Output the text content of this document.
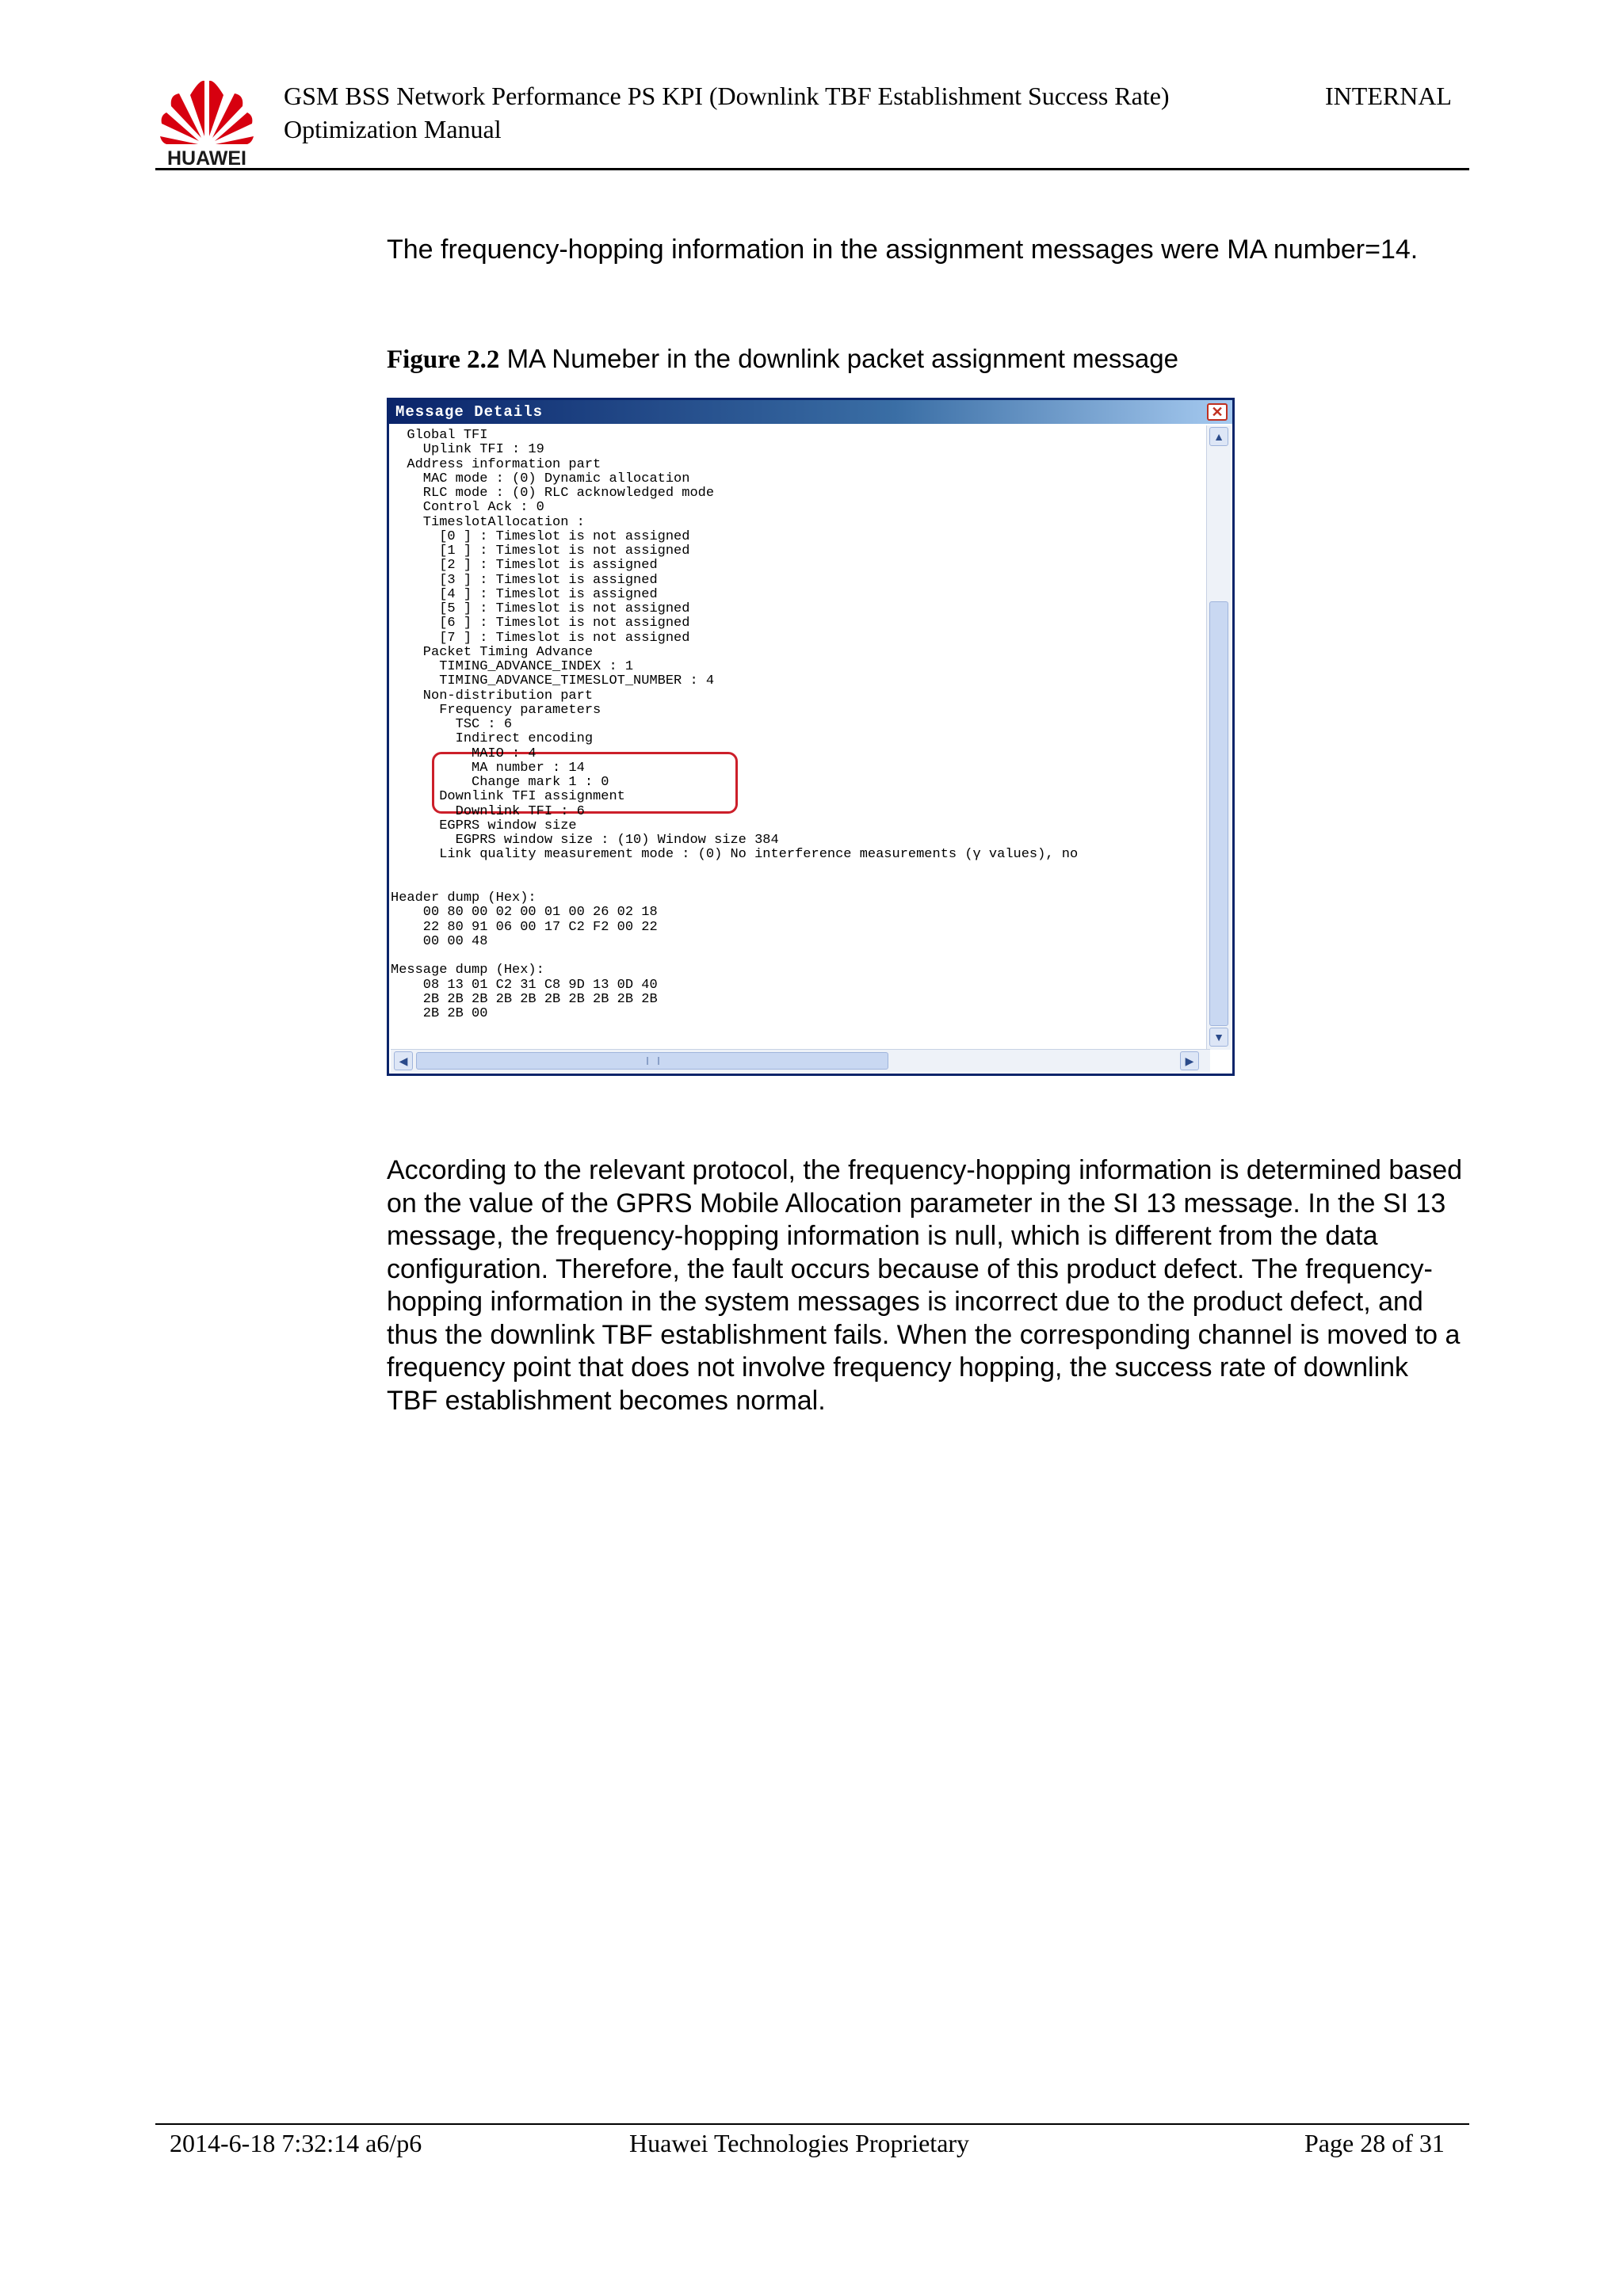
HUAWEI
GSM BSS Network Performance PS KPI (Downlink TBF Establishment Success Rate)
Optimization Manual
INTERNAL
The frequency-hopping information in the assignment messages were MA number=14.
Figure 2.2 MA Numeber in the downlink packet assignment message
Message Details	✕
Global TFI
Uplink TFI : 19
Address information part
MAC mode : (0) Dynamic allocation
RLC mode : (0) RLC acknowledged mode
Control Ack : 0
TimeslotAllocation :
[0 ] : Timeslot is not assigned
[1 ] : Timeslot is not assigned
[2 ] : Timeslot is assigned
[3 ] : Timeslot is assigned
[4 ] : Timeslot is assigned
[5 ] : Timeslot is not assigned
[6 ] : Timeslot is not assigned
[7 ] : Timeslot is not assigned
Packet Timing Advance
TIMING_ADVANCE_INDEX : 1
TIMING_ADVANCE_TIMESLOT_NUMBER : 4
Non-distribution part
Frequency parameters
TSC : 6
Indirect encoding
MAIO : 4
MA number : 14
Change mark 1 : 0
Downlink TFI assignment
Downlink TFI : 6
EGPRS window size
EGPRS window size : (10) Window size 384
Link quality measurement mode : (0) No interference measurements (γ values), no
Header dump (Hex):
00 80 00 02 00 01 00 26 02 18
22 80 91 06 00 17 C2 F2 00 22
00 00 48
Message dump (Hex):
08 13 01 C2 31 C8 9D 13 0D 40
2B 2B 2B 2B 2B 2B 2B 2B 2B 2B
2B 2B 00
▲
▼
◀	▶
According to the relevant protocol, the frequency-hopping information is determined based on the value of the GPRS Mobile Allocation parameter in the SI 13 message. In the SI 13 message, the frequency-hopping information is null, which is different from the data configuration. Therefore, the fault occurs because of this product defect. The frequency-hopping information in the system messages is incorrect due to the product defect, and thus the downlink TBF establishment fails. When the corresponding channel is moved to a frequency point that does not involve frequency hopping, the success rate of downlink TBF establishment becomes normal.
2014-6-18 7:32:14 a6/p6	Huawei Technologies Proprietary	Page 28 of 31
